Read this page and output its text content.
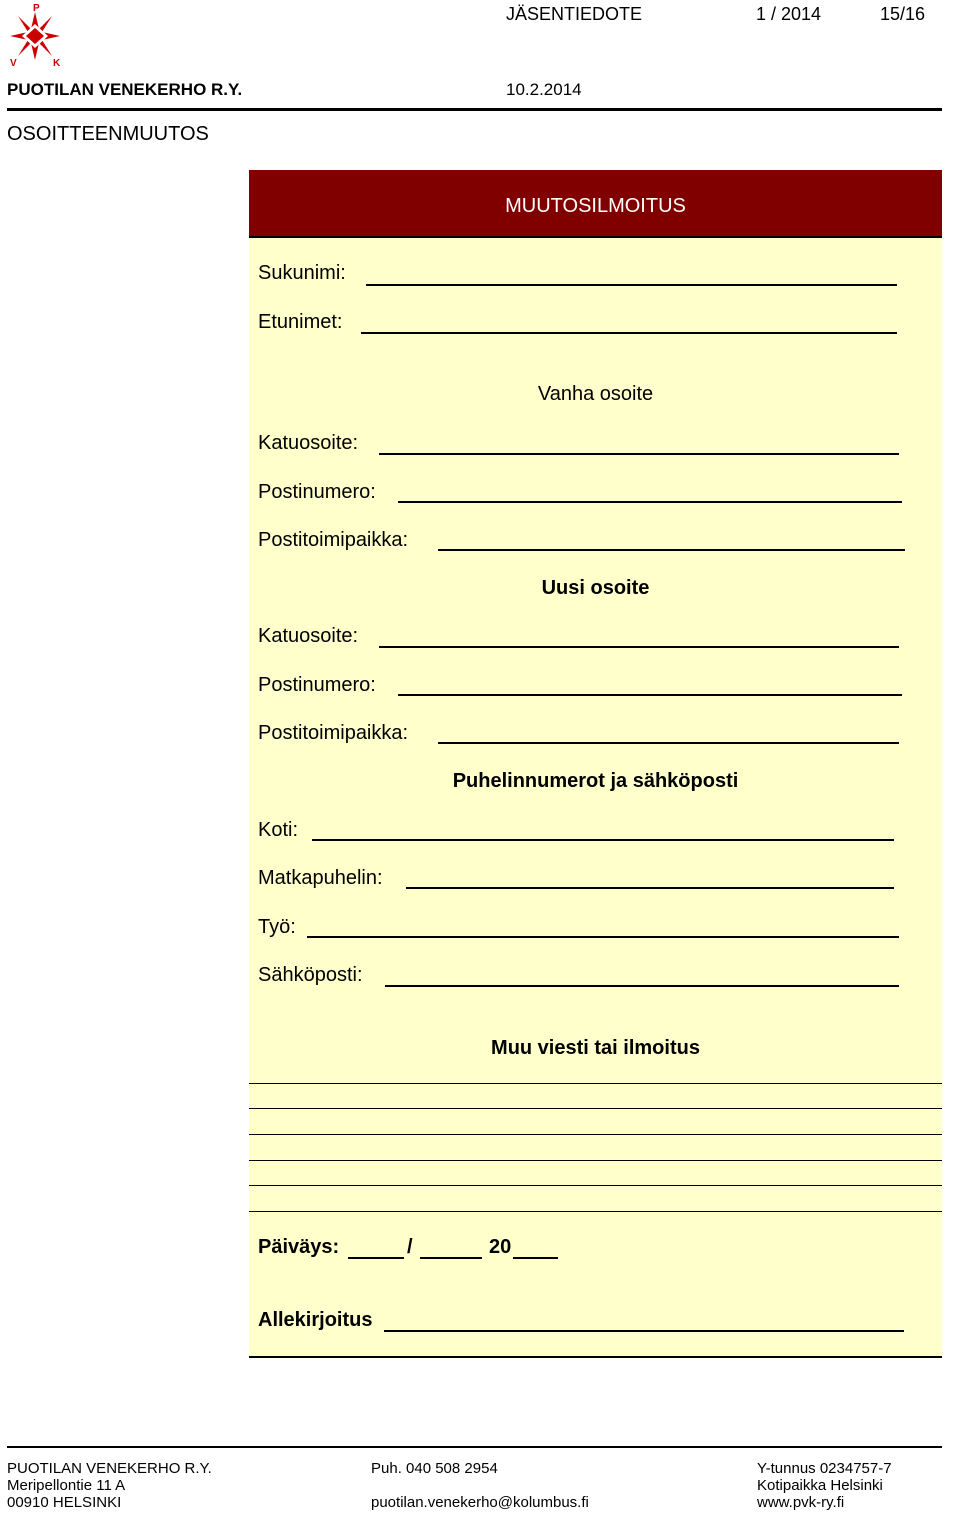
P
V	K
JÄSENTIEDOTE	1 / 2014	15/16
PUOTILAN VENEKERHO R.Y.	10.2.2014
OSOITTEENMUUTOS
MUUTOSILMOITUS
Sukunimi:
Etunimet:
Vanha osoite
Katuosoite:
Postinumero:
Postitoimipaikka:
Uusi osoite
Katuosoite:
Postinumero:
Postitoimipaikka:
Puhelinnumerot ja sähköposti
Koti:
Matkapuhelin:
Työ:
Sähköposti:
Muu viesti tai ilmoitus
Päiväys:	/	20
Allekirjoitus
PUOTILAN VENEKERHO R.Y.
Meripellontie 11 A
00910 HELSINKI
Puh. 040 508 2954
puotilan.venekerho@kolumbus.fi
Y-tunnus 0234757-7
Kotipaikka Helsinki
www.pvk-ry.fi
